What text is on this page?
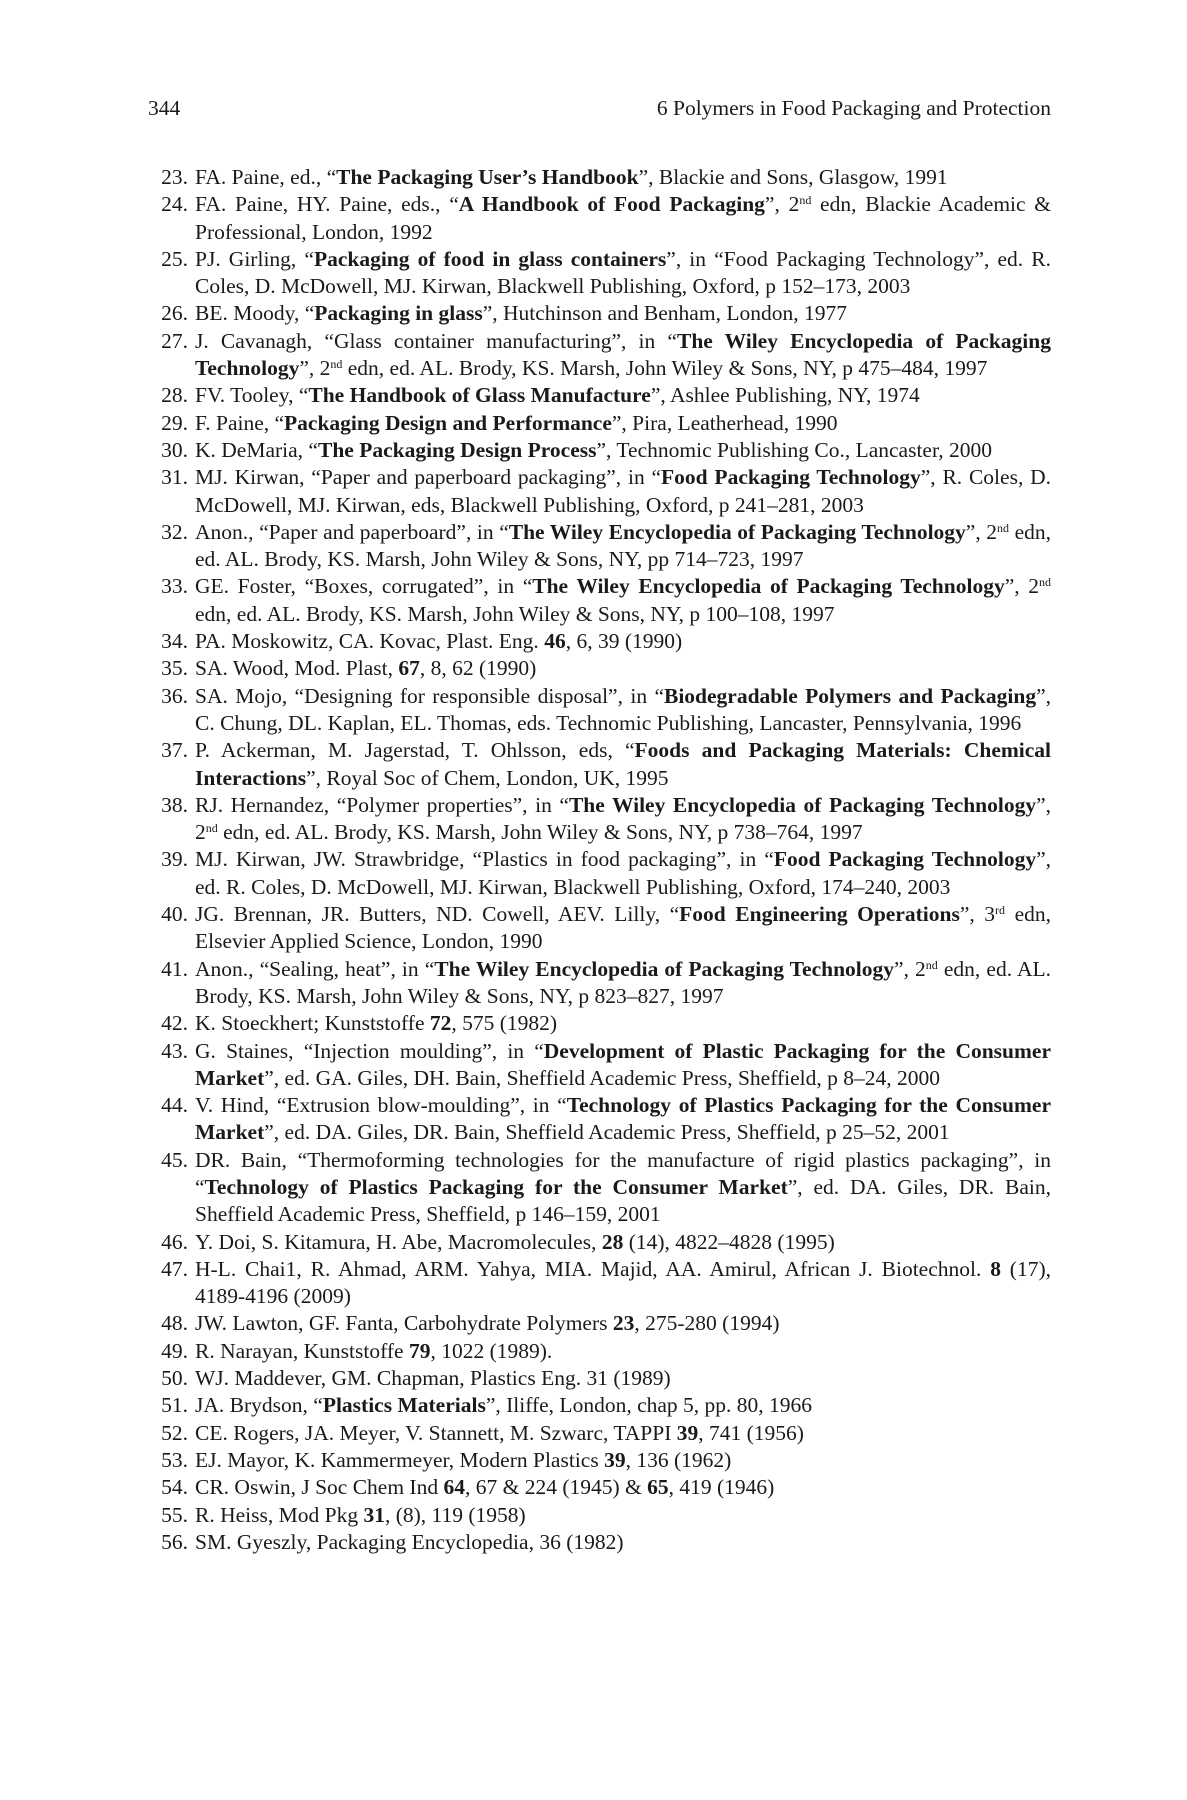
344	6 Polymers in Food Packaging and Protection
23. FA. Paine, ed., “The Packaging User’s Handbook”, Blackie and Sons, Glasgow, 1991
24. FA. Paine, HY. Paine, eds., “A Handbook of Food Packaging”, 2nd edn, Blackie Academic & Professional, London, 1992
25. PJ. Girling, “Packaging of food in glass containers”, in “Food Packaging Technology”, ed. R. Coles, D. McDowell, MJ. Kirwan, Blackwell Publishing, Oxford, p 152–173, 2003
26. BE. Moody, “Packaging in glass”, Hutchinson and Benham, London, 1977
27. J. Cavanagh, “Glass container manufacturing”, in “The Wiley Encyclopedia of Packaging Technology”, 2nd edn, ed. AL. Brody, KS. Marsh, John Wiley & Sons, NY, p 475–484, 1997
28. FV. Tooley, “The Handbook of Glass Manufacture”, Ashlee Publishing, NY, 1974
29. F. Paine, “Packaging Design and Performance”, Pira, Leatherhead, 1990
30. K. DeMaria, “The Packaging Design Process”, Technomic Publishing Co., Lancaster, 2000
31. MJ. Kirwan, “Paper and paperboard packaging”, in “Food Packaging Technology”, R. Coles, D. McDowell, MJ. Kirwan, eds, Blackwell Publishing, Oxford, p 241–281, 2003
32. Anon., “Paper and paperboard”, in “The Wiley Encyclopedia of Packaging Technology”, 2nd edn, ed. AL. Brody, KS. Marsh, John Wiley & Sons, NY, pp 714–723, 1997
33. GE. Foster, “Boxes, corrugated”, in “The Wiley Encyclopedia of Packaging Technology”, 2nd edn, ed. AL. Brody, KS. Marsh, John Wiley & Sons, NY, p 100–108, 1997
34. PA. Moskowitz, CA. Kovac, Plast. Eng. 46, 6, 39 (1990)
35. SA. Wood, Mod. Plast, 67, 8, 62 (1990)
36. SA. Mojo, “Designing for responsible disposal”, in “Biodegradable Polymers and Packaging”, C. Chung, DL. Kaplan, EL. Thomas, eds. Technomic Publishing, Lancaster, Pennsylvania, 1996
37. P. Ackerman, M. Jagerstad, T. Ohlsson, eds, “Foods and Packaging Materials: Chemical Interactions”, Royal Soc of Chem, London, UK, 1995
38. RJ. Hernandez, “Polymer properties”, in “The Wiley Encyclopedia of Packaging Technology”, 2nd edn, ed. AL. Brody, KS. Marsh, John Wiley & Sons, NY, p 738–764, 1997
39. MJ. Kirwan, JW. Strawbridge, “Plastics in food packaging”, in “Food Packaging Technology”, ed. R. Coles, D. McDowell, MJ. Kirwan, Blackwell Publishing, Oxford, 174–240, 2003
40. JG. Brennan, JR. Butters, ND. Cowell, AEV. Lilly, “Food Engineering Operations”, 3rd edn, Elsevier Applied Science, London, 1990
41. Anon., “Sealing, heat”, in “The Wiley Encyclopedia of Packaging Technology”, 2nd edn, ed. AL. Brody, KS. Marsh, John Wiley & Sons, NY, p 823–827, 1997
42. K. Stoeckhert; Kunststoffe 72, 575 (1982)
43. G. Staines, “Injection moulding”, in “Development of Plastic Packaging for the Consumer Market”, ed. GA. Giles, DH. Bain, Sheffield Academic Press, Sheffield, p 8–24, 2000
44. V. Hind, “Extrusion blow-moulding”, in “Technology of Plastics Packaging for the Consumer Market”, ed. DA. Giles, DR. Bain, Sheffield Academic Press, Sheffield, p 25–52, 2001
45. DR. Bain, “Thermoforming technologies for the manufacture of rigid plastics packaging”, in “Technology of Plastics Packaging for the Consumer Market”, ed. DA. Giles, DR. Bain, Sheffield Academic Press, Sheffield, p 146–159, 2001
46. Y. Doi, S. Kitamura, H. Abe, Macromolecules, 28 (14), 4822–4828 (1995)
47. H-L. Chai1, R. Ahmad, ARM. Yahya, MIA. Majid, AA. Amirul, African J. Biotechnol. 8 (17), 4189-4196 (2009)
48. JW. Lawton, GF. Fanta, Carbohydrate Polymers 23, 275-280 (1994)
49. R. Narayan, Kunststoffe 79, 1022 (1989).
50. WJ. Maddever, GM. Chapman, Plastics Eng. 31 (1989)
51. JA. Brydson, “Plastics Materials”, Iliffe, London, chap 5, pp. 80, 1966
52. CE. Rogers, JA. Meyer, V. Stannett, M. Szwarc, TAPPI 39, 741 (1956)
53. EJ. Mayor, K. Kammermeyer, Modern Plastics 39, 136 (1962)
54. CR. Oswin, J Soc Chem Ind 64, 67 & 224 (1945) & 65, 419 (1946)
55. R. Heiss, Mod Pkg 31, (8), 119 (1958)
56. SM. Gyeszly, Packaging Encyclopedia, 36 (1982)
